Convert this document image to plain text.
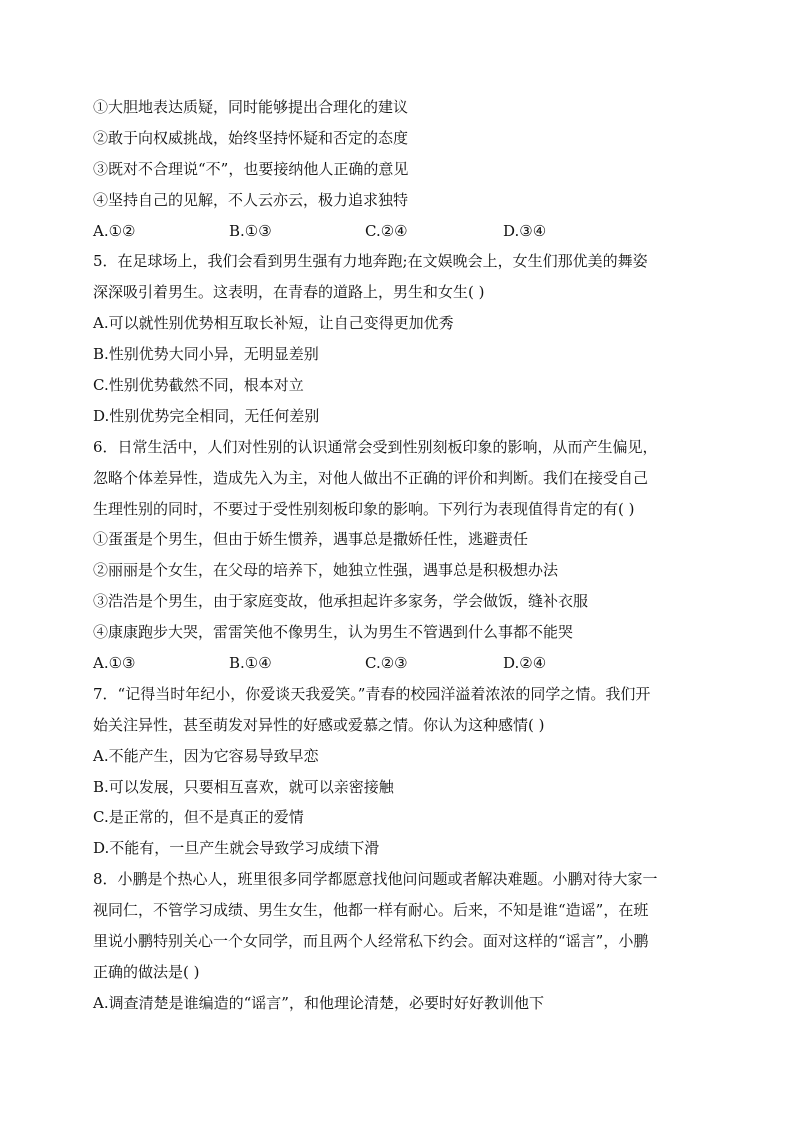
①大胆地表达质疑，同时能够提出合理化的建议
②敢于向权威挑战，始终坚持怀疑和否定的态度
③既对不合理说“不”，也要接纳他人正确的意见
④坚持自己的见解，不人云亦云，极力追求独特
A.①②	B.①③	C.②④	D.③④
5．在足球场上，我们会看到男生强有力地奔跑;在文娱晚会上，女生们那优美的舞姿
深深吸引着男生。这表明，在青春的道路上，男生和女生( )
A.可以就性别优势相互取长补短，让自己变得更加优秀
B.性别优势大同小异，无明显差别
C.性别优势截然不同，根本对立
D.性别优势完全相同，无任何差别
6．日常生活中，人们对性别的认识通常会受到性别刻板印象的影响，从而产生偏见，
忽略个体差异性，造成先入为主，对他人做出不正确的评价和判断。我们在接受自己
生理性别的同时，不要过于受性别刻板印象的影响。下列行为表现值得肯定的有( )
①蛋蛋是个男生，但由于娇生惯养，遇事总是撒娇任性，逃避责任
②丽丽是个女生，在父母的培养下，她独立性强，遇事总是积极想办法
③浩浩是个男生，由于家庭变故，他承担起许多家务，学会做饭，缝补衣服
④康康跑步大哭，雷雷笑他不像男生，认为男生不管遇到什么事都不能哭
A.①③	B.①④	C.②③	D.②④
7．“记得当时年纪小，你爱谈天我爱笑。”青春的校园洋溢着浓浓的同学之情。我们开
始关注异性，甚至萌发对异性的好感或爱慕之情。你认为这种感情( )
A.不能产生，因为它容易导致早恋
B.可以发展，只要相互喜欢，就可以亲密接触
C.是正常的，但不是真正的爱情
D.不能有，一旦产生就会导致学习成绩下滑
8．小鹏是个热心人，班里很多同学都愿意找他问问题或者解决难题。小鹏对待大家一
视同仁，不管学习成绩、男生女生，他都一样有耐心。后来，不知是谁“造谣”，在班
里说小鹏特别关心一个女同学，而且两个人经常私下约会。面对这样的“谣言”，小鹏
正确的做法是( )
A.调查清楚是谁编造的“谣言”，和他理论清楚，必要时好好教训他下
